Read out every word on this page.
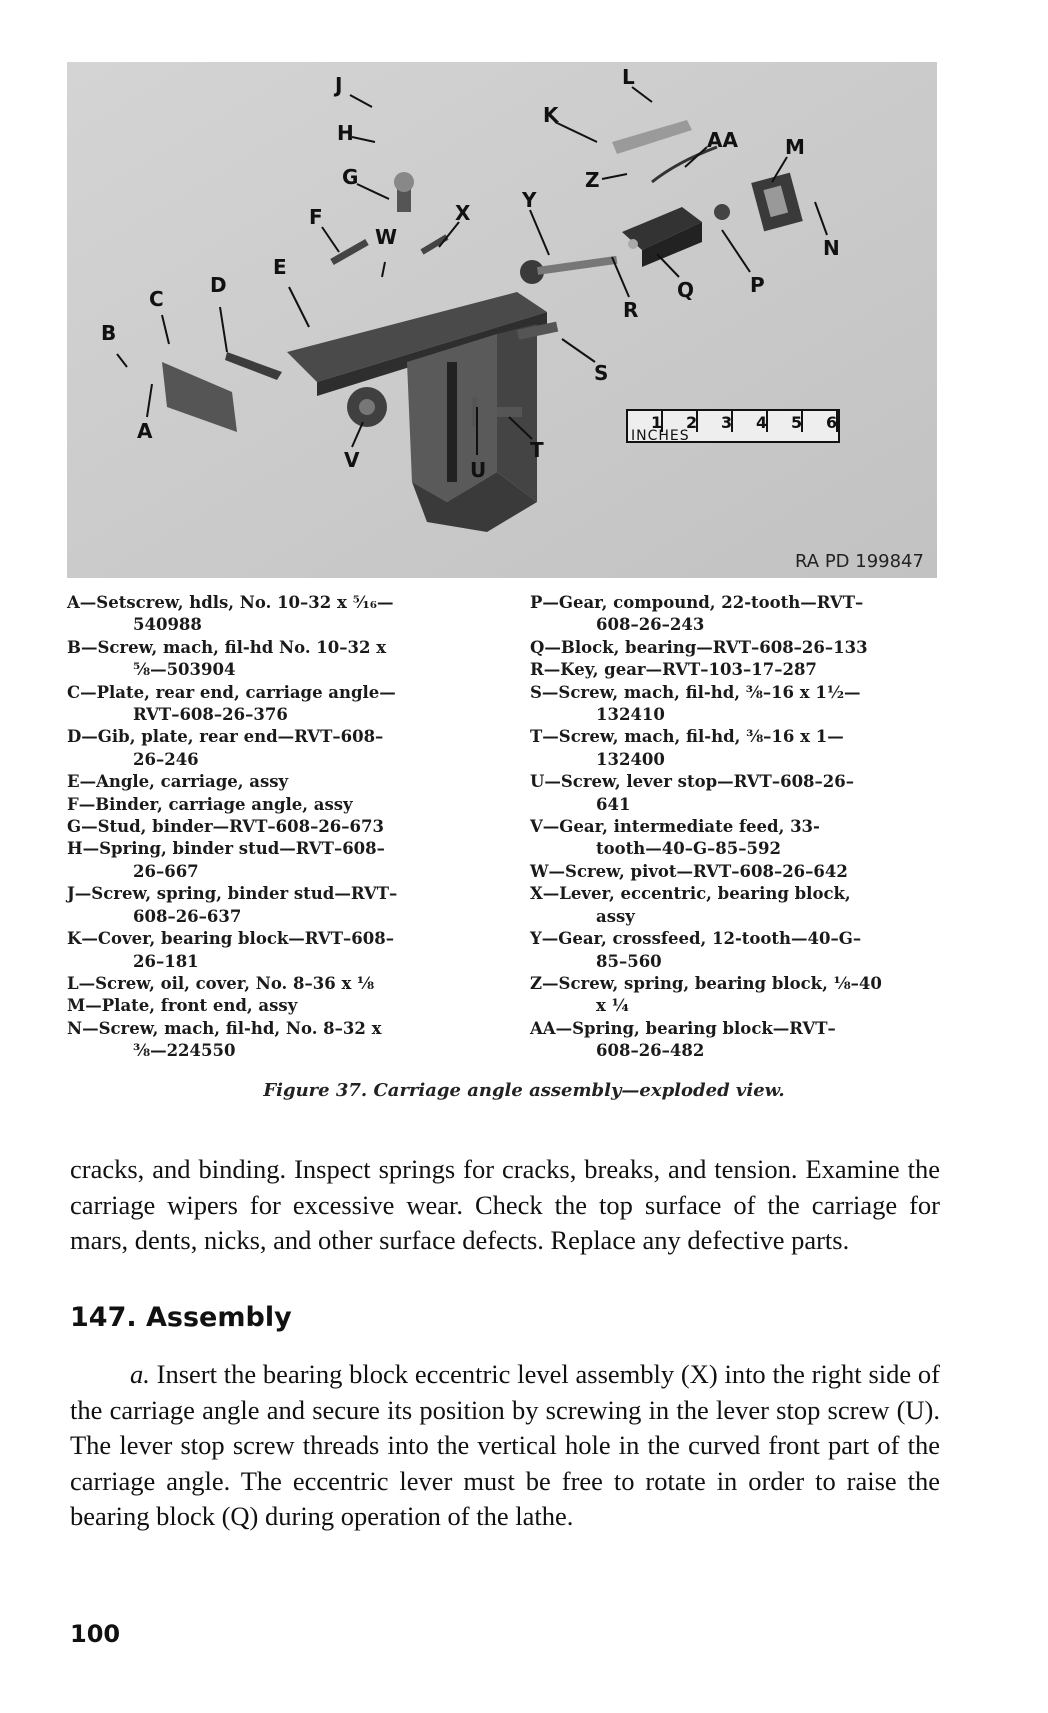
J
H
G
F
W
X
E
D
C
B
A
V	U
T
S
Y
R
Q	P
K
Z
L
AA M
N
1 2 3 4 5 6
INCHES
RA PD 199847
A—Setscrew, hdls, No. 10–32 x ⁵⁄₁₆—
540988
B—Screw, mach, fil-hd No. 10–32 x
⅝—503904
C—Plate, rear end, carriage angle—
RVT–608–26–376
D—Gib, plate, rear end—RVT–608–
26–246
E—Angle, carriage, assy
F—Binder, carriage angle, assy
G—Stud, binder—RVT–608–26–673
H—Spring, binder stud—RVT–608–
26–667
J—Screw, spring, binder stud—RVT–
608–26–637
K—Cover, bearing block—RVT–608–
26–181
L—Screw, oil, cover, No. 8–36 x ⅛
M—Plate, front end, assy
N—Screw, mach, fil-hd, No. 8–32 x
⅜—224550
P—Gear, compound, 22-tooth—RVT–
608–26–243
Q—Block, bearing—RVT–608–26–133
R—Key, gear—RVT–103–17–287
S—Screw, mach, fil-hd, ⅜–16 x 1½—
132410
T—Screw, mach, fil-hd, ⅜–16 x 1—
132400
U—Screw, lever stop—RVT–608–26–
641
V—Gear, intermediate feed, 33-
tooth—40–G–85–592
W—Screw, pivot—RVT–608–26–642
X—Lever, eccentric, bearing block,
assy
Y—Gear, crossfeed, 12-tooth—40–G–
85–560
Z—Screw, spring, bearing block, ⅛–40
x ¼
AA—Spring, bearing block—RVT–
608–26–482
Figure 37. Carriage angle assembly—exploded view.
cracks, and binding. Inspect springs for cracks, breaks, and tension. Examine the carriage wipers for excessive wear. Check the top surface of the carriage for mars, dents, nicks, and other surface defects. Replace any defective parts.
147. Assembly
a. Insert the bearing block eccentric level assembly (X) into the right side of the carriage angle and secure its position by screwing in the lever stop screw (U). The lever stop screw threads into the vertical hole in the curved front part of the carriage angle. The eccentric lever must be free to rotate in order to raise the bearing block (Q) during operation of the lathe.
100
